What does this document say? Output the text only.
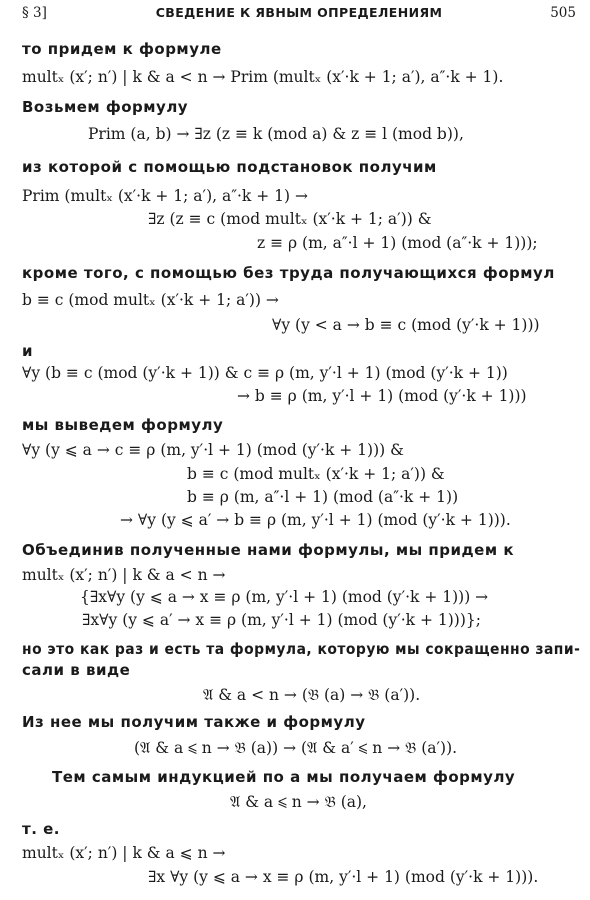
§ 3]	СВЕДЕНИЕ К ЯВНЫМ ОПРЕДЕЛЕНИЯМ	505
то придем к формуле
multₓ (x′; n′) | k & a < n → Prim (multₓ (x′·k + 1; a′), a″·k + 1).
Возьмем формулу
Prim (a, b) → ∃z (z ≡ k (mod a) & z ≡ l (mod b)),
из которой с помощью подстановок получим
Prim (multₓ (x′·k + 1; a′), a″·k + 1) →
∃z (z ≡ c (mod multₓ (x′·k + 1; a′)) &
z ≡ ρ (m, a″·l + 1) (mod (a″·k + 1)));
кроме того, с помощью без труда получающихся формул
b ≡ c (mod multₓ (x′·k + 1; a′)) →
∀y (y < a → b ≡ c (mod (y′·k + 1)))
и
∀y (b ≡ c (mod (y′·k + 1)) & c ≡ ρ (m, y′·l + 1) (mod (y′·k + 1))
→ b ≡ ρ (m, y′·l + 1) (mod (y′·k + 1)))
мы выведем формулу
∀y (y ⩽ a → c ≡ ρ (m, y′·l + 1) (mod (y′·k + 1))) &
b ≡ c (mod multₓ (x′·k + 1; a′)) &
b ≡ ρ (m, a″·l + 1) (mod (a″·k + 1))
→ ∀y (y ⩽ a′ → b ≡ ρ (m, y′·l + 1) (mod (y′·k + 1))).
Объединив полученные нами формулы, мы придем к
multₓ (x′; n′) | k & a < n →
{∃x∀y (y ⩽ a → x ≡ ρ (m, y′·l + 1) (mod (y′·k + 1))) →
∃x∀y (y ⩽ a′ → x ≡ ρ (m, y′·l + 1) (mod (y′·k + 1)))};
но это как раз и есть та формула, которую мы сокращенно запи-
сали в виде
𝔄 & a < n → (𝔅 (a) → 𝔅 (a′)).
Из нее мы получим также и формулу
(𝔄 & a ⩽ n → 𝔅 (a)) → (𝔄 & a′ ⩽ n → 𝔅 (a′)).
Тем самым индукцией по a мы получаем формулу
𝔄 & a ⩽ n → 𝔅 (a),
т. е.
multₓ (x′; n′) | k & a ⩽ n →
∃x ∀y (y ⩽ a → x ≡ ρ (m, y′·l + 1) (mod (y′·k + 1))).
